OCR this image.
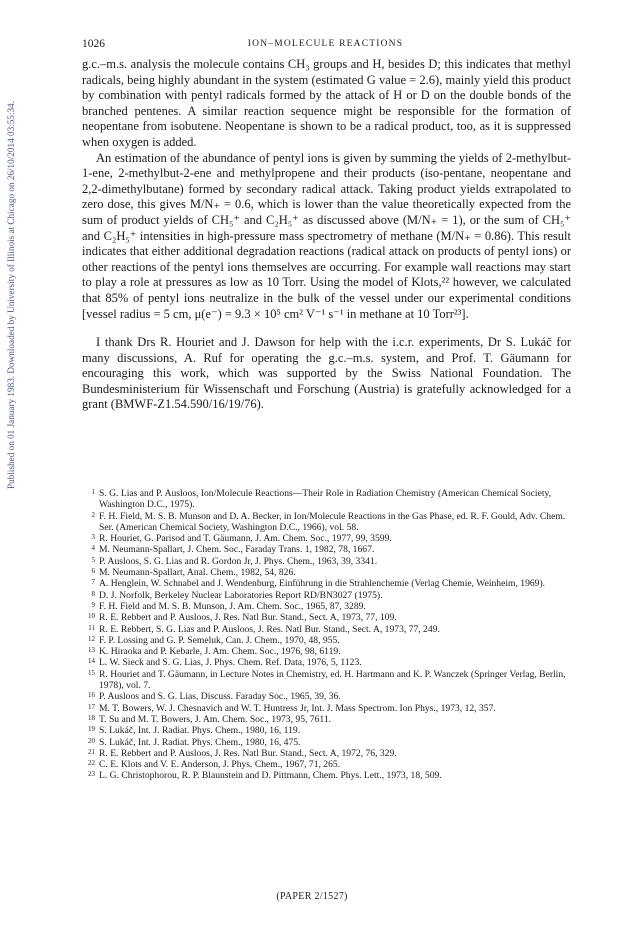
Published on 01 January 1983. Downloaded by University of Illinois at Chicago on 26/10/2014 03:55:34.
1026	ION–MOLECULE REACTIONS

g.c.–m.s. analysis the molecule contains CH₃ groups and H, besides D; this indicates that methyl radicals, being highly abundant in the system (estimated G value = 2.6), mainly yield this product by combination with pentyl radicals formed by the attack of H or D on the double bonds of the branched pentenes. A similar reaction sequence might be responsible for the formation of neopentane from isobutene. Neopentane is shown to be a radical product, too, as it is suppressed when oxygen is added.

An estimation of the abundance of pentyl ions is given by summing the yields of 2-methylbut-1-ene, 2-methylbut-2-ene and methylpropene and their products (iso-pentane, neopentane and 2,2-dimethylbutane) formed by secondary radical attack. Taking product yields extrapolated to zero dose, this gives M/N₊ = 0.6, which is lower than the value theoretically expected from the sum of product yields of CH₅⁺ and C₂H₅⁺ as discussed above (M/N₊ = 1), or the sum of CH₅⁺ and C₂H₅⁺ intensities in high-pressure mass spectrometry of methane (M/N₊ = 0.86). This result indicates that either additional degradation reactions (radical attack on products of pentyl ions) or other reactions of the pentyl ions themselves are occurring. For example wall reactions may start to play a role at pressures as low as 10 Torr. Using the model of Klots,²² however, we calculated that 85% of pentyl ions neutralize in the bulk of the vessel under our experimental conditions [vessel radius = 5 cm, μ(e⁻) = 9.3 × 10⁵ cm² V⁻¹ s⁻¹ in methane at 10 Torr²³].

I thank Drs R. Houriet and J. Dawson for help with the i.c.r. experiments, Dr S. Lukáč for many discussions, A. Ruf for operating the g.c.–m.s. system, and Prof. T. Gäumann for encouraging this work, which was supported by the Swiss National Foundation. The Bundesministerium für Wissenschaft und Forschung (Austria) is gratefully acknowledged for a grant (BMWF-Z1.54.590/16/19/76).

1 S. G. Lias and P. Ausloos, Ion/Molecule Reactions—Their Role in Radiation Chemistry (American Chemical Society, Washington D.C., 1975).
2 F. H. Field, M. S. B. Munson and D. A. Becker, in Ion/Molecule Reactions in the Gas Phase, ed. R. F. Gould, Adv. Chem. Ser. (American Chemical Society, Washington D.C., 1966), vol. 58.
3 R. Houriet, G. Parisod and T. Gäumann, J. Am. Chem. Soc., 1977, 99, 3599.
4 M. Neumann-Spallart, J. Chem. Soc., Faraday Trans. 1, 1982, 78, 1667.
5 P. Ausloos, S. G. Lias and R. Gordon Jr, J. Phys. Chem., 1963, 39, 3341.
6 M. Neumann-Spallart, Anal. Chem., 1982, 54, 826.
7 A. Henglein, W. Schnabel and J. Wendenburg, Einführung in die Strahlenchemie (Verlag Chemie, Weinheim, 1969).
8 D. J. Norfolk, Berkeley Nuclear Laboratories Report RD/BN3027 (1975).
9 F. H. Field and M. S. B. Munson, J. Am. Chem. Soc., 1965, 87, 3289.
10 R. E. Rebbert and P. Ausloos, J. Res. Natl Bur. Stand., Sect. A, 1973, 77, 109.
11 R. E. Rebbert, S. G. Lias and P. Ausloos, J. Res. Natl Bur. Stand., Sect. A, 1973, 77, 249.
12 F. P. Lossing and G. P. Semeluk, Can. J. Chem., 1970, 48, 955.
13 K. Hiraoka and P. Kebarle, J. Am. Chem. Soc., 1976, 98, 6119.
14 L. W. Sieck and S. G. Lias, J. Phys. Chem. Ref. Data, 1976, 5, 1123.
15 R. Houriet and T. Gäumann, in Lecture Notes in Chemistry, ed. H. Hartmann and K. P. Wanczek (Springer Verlag, Berlin, 1978), vol. 7.
16 P. Ausloos and S. G. Lias, Discuss. Faraday Soc., 1965, 39, 36.
17 M. T. Bowers, W. J. Chesnavich and W. T. Huntress Jr, Int. J. Mass Spectrom. Ion Phys., 1973, 12, 357.
18 T. Su and M. T. Bowers, J. Am. Chem. Soc., 1973, 95, 7611.
19 S. Lukáč, Int. J. Radiat. Phys. Chem., 1980, 16, 119.
20 S. Lukáč, Int. J. Radiat. Phys. Chem., 1980, 16, 475.
21 R. E. Rebbert and P. Ausloos, J. Res. Natl Bur. Stand., Sect. A, 1972, 76, 329.
22 C. E. Klots and V. E. Anderson, J. Phys. Chem., 1967, 71, 265.
23 L. G. Christophorou, R. P. Blaunstein and D. Pittmann, Chem. Phys. Lett., 1973, 18, 509.
(PAPER 2/1527)
